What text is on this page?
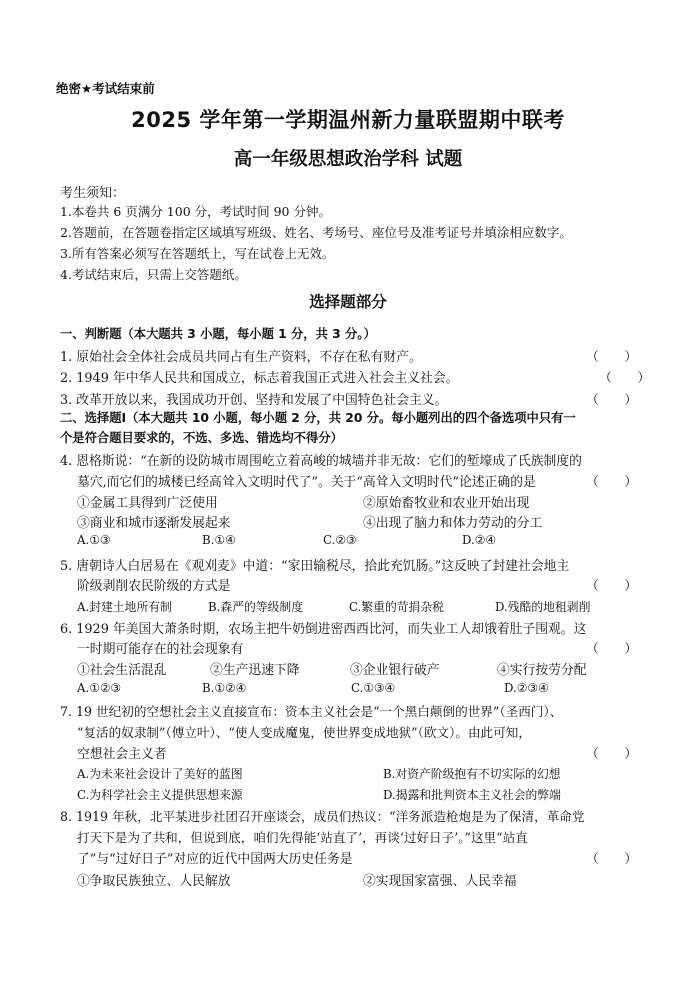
绝密★考试结束前
2025 学年第一学期温州新力量联盟期中联考
高一年级思想政治学科 试题
考生须知：
1.本卷共 6 页满分 100 分，考试时间 90 分钟。
2.答题前，在答题卷指定区域填写班级、姓名、考场号、座位号及准考证号并填涂相应数字。
3.所有答案必须写在答题纸上，写在试卷上无效。
4.考试结束后，只需上交答题纸。
选择题部分
一、判断题（本大题共 3 小题，每小题 1 分，共 3 分。）
1. 原始社会全体社会成员共同占有生产资料，不存在私有财产。	（　　）
2. 1949 年中华人民共和国成立，标志着我国正式进入社会主义社会。	（　　）
3. 改革开放以来，我国成功开创、坚持和发展了中国特色社会主义。	（　　）
二、选择题Ⅰ（本大题共 10 小题，每小题 2 分，共 20 分。每小题列出的四个备选项中只有一
个是符合题目要求的，不选、多选、错选均不得分）
4. 恩格斯说：“在新的设防城市周围屹立着高峻的城墙并非无故：它们的堑壕成了氏族制度的
墓穴,而它们的城楼已经高耸入文明时代了”。关于“高耸入文明时代”论述正确的是	（　　）
①金属工具得到广泛使用	②原始畜牧业和农业开始出现
③商业和城市逐渐发展起来	④出现了脑力和体力劳动的分工
A.①③	B.①④	C.②③	D.②④
5. 唐朝诗人白居易在《观刈麦》中道：“家田输税尽，拾此充饥肠。”这反映了封建社会地主
阶级剥削农民阶级的方式是	（　　）
A.封建土地所有制	B.森严的等级制度	C.繁重的苛捐杂税	D.残酷的地租剥削
6. 1929 年美国大萧条时期，农场主把牛奶倒进密西西比河，而失业工人却饿着肚子围观。这
一时期可能存在的社会现象有	（　　）
①社会生活混乱	②生产迅速下降	③企业银行破产	④实行按劳分配
A.①②③	B.①②④	C.①③④	D.②③④
7. 19 世纪初的空想社会主义直接宣布：资本主义社会是“一个黑白颠倒的世界”（圣西门）、
“复活的奴隶制”（傅立叶）、“使人变成魔鬼，使世界变成地狱”（欧文）。由此可知，
空想社会主义者	（　　）
A.为未来社会设计了美好的蓝图	B.对资产阶级抱有不切实际的幻想
C.为科学社会主义提供思想来源	D.揭露和批判资本主义社会的弊端
8. 1919 年秋，北平某进步社团召开座谈会，成员们热议：“洋务派造枪炮是为了保清，革命党
打天下是为了共和，但说到底，咱们先得能‘站直了’，再谈‘过好日子’。”这里“站直
了”与“过好日子”对应的近代中国两大历史任务是	（　　）
①争取民族独立、人民解放	②实现国家富强、人民幸福
